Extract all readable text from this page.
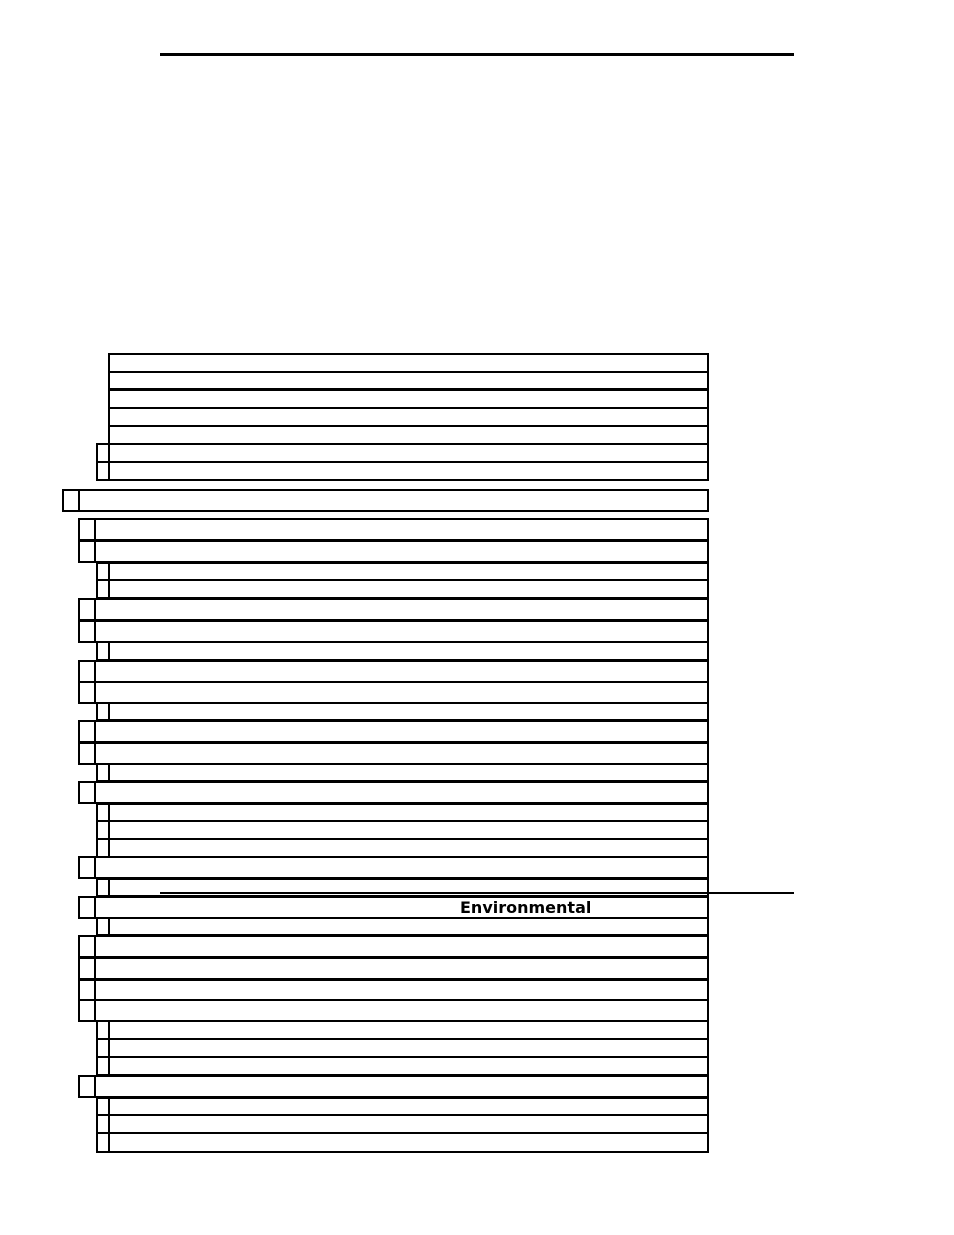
Environmental
